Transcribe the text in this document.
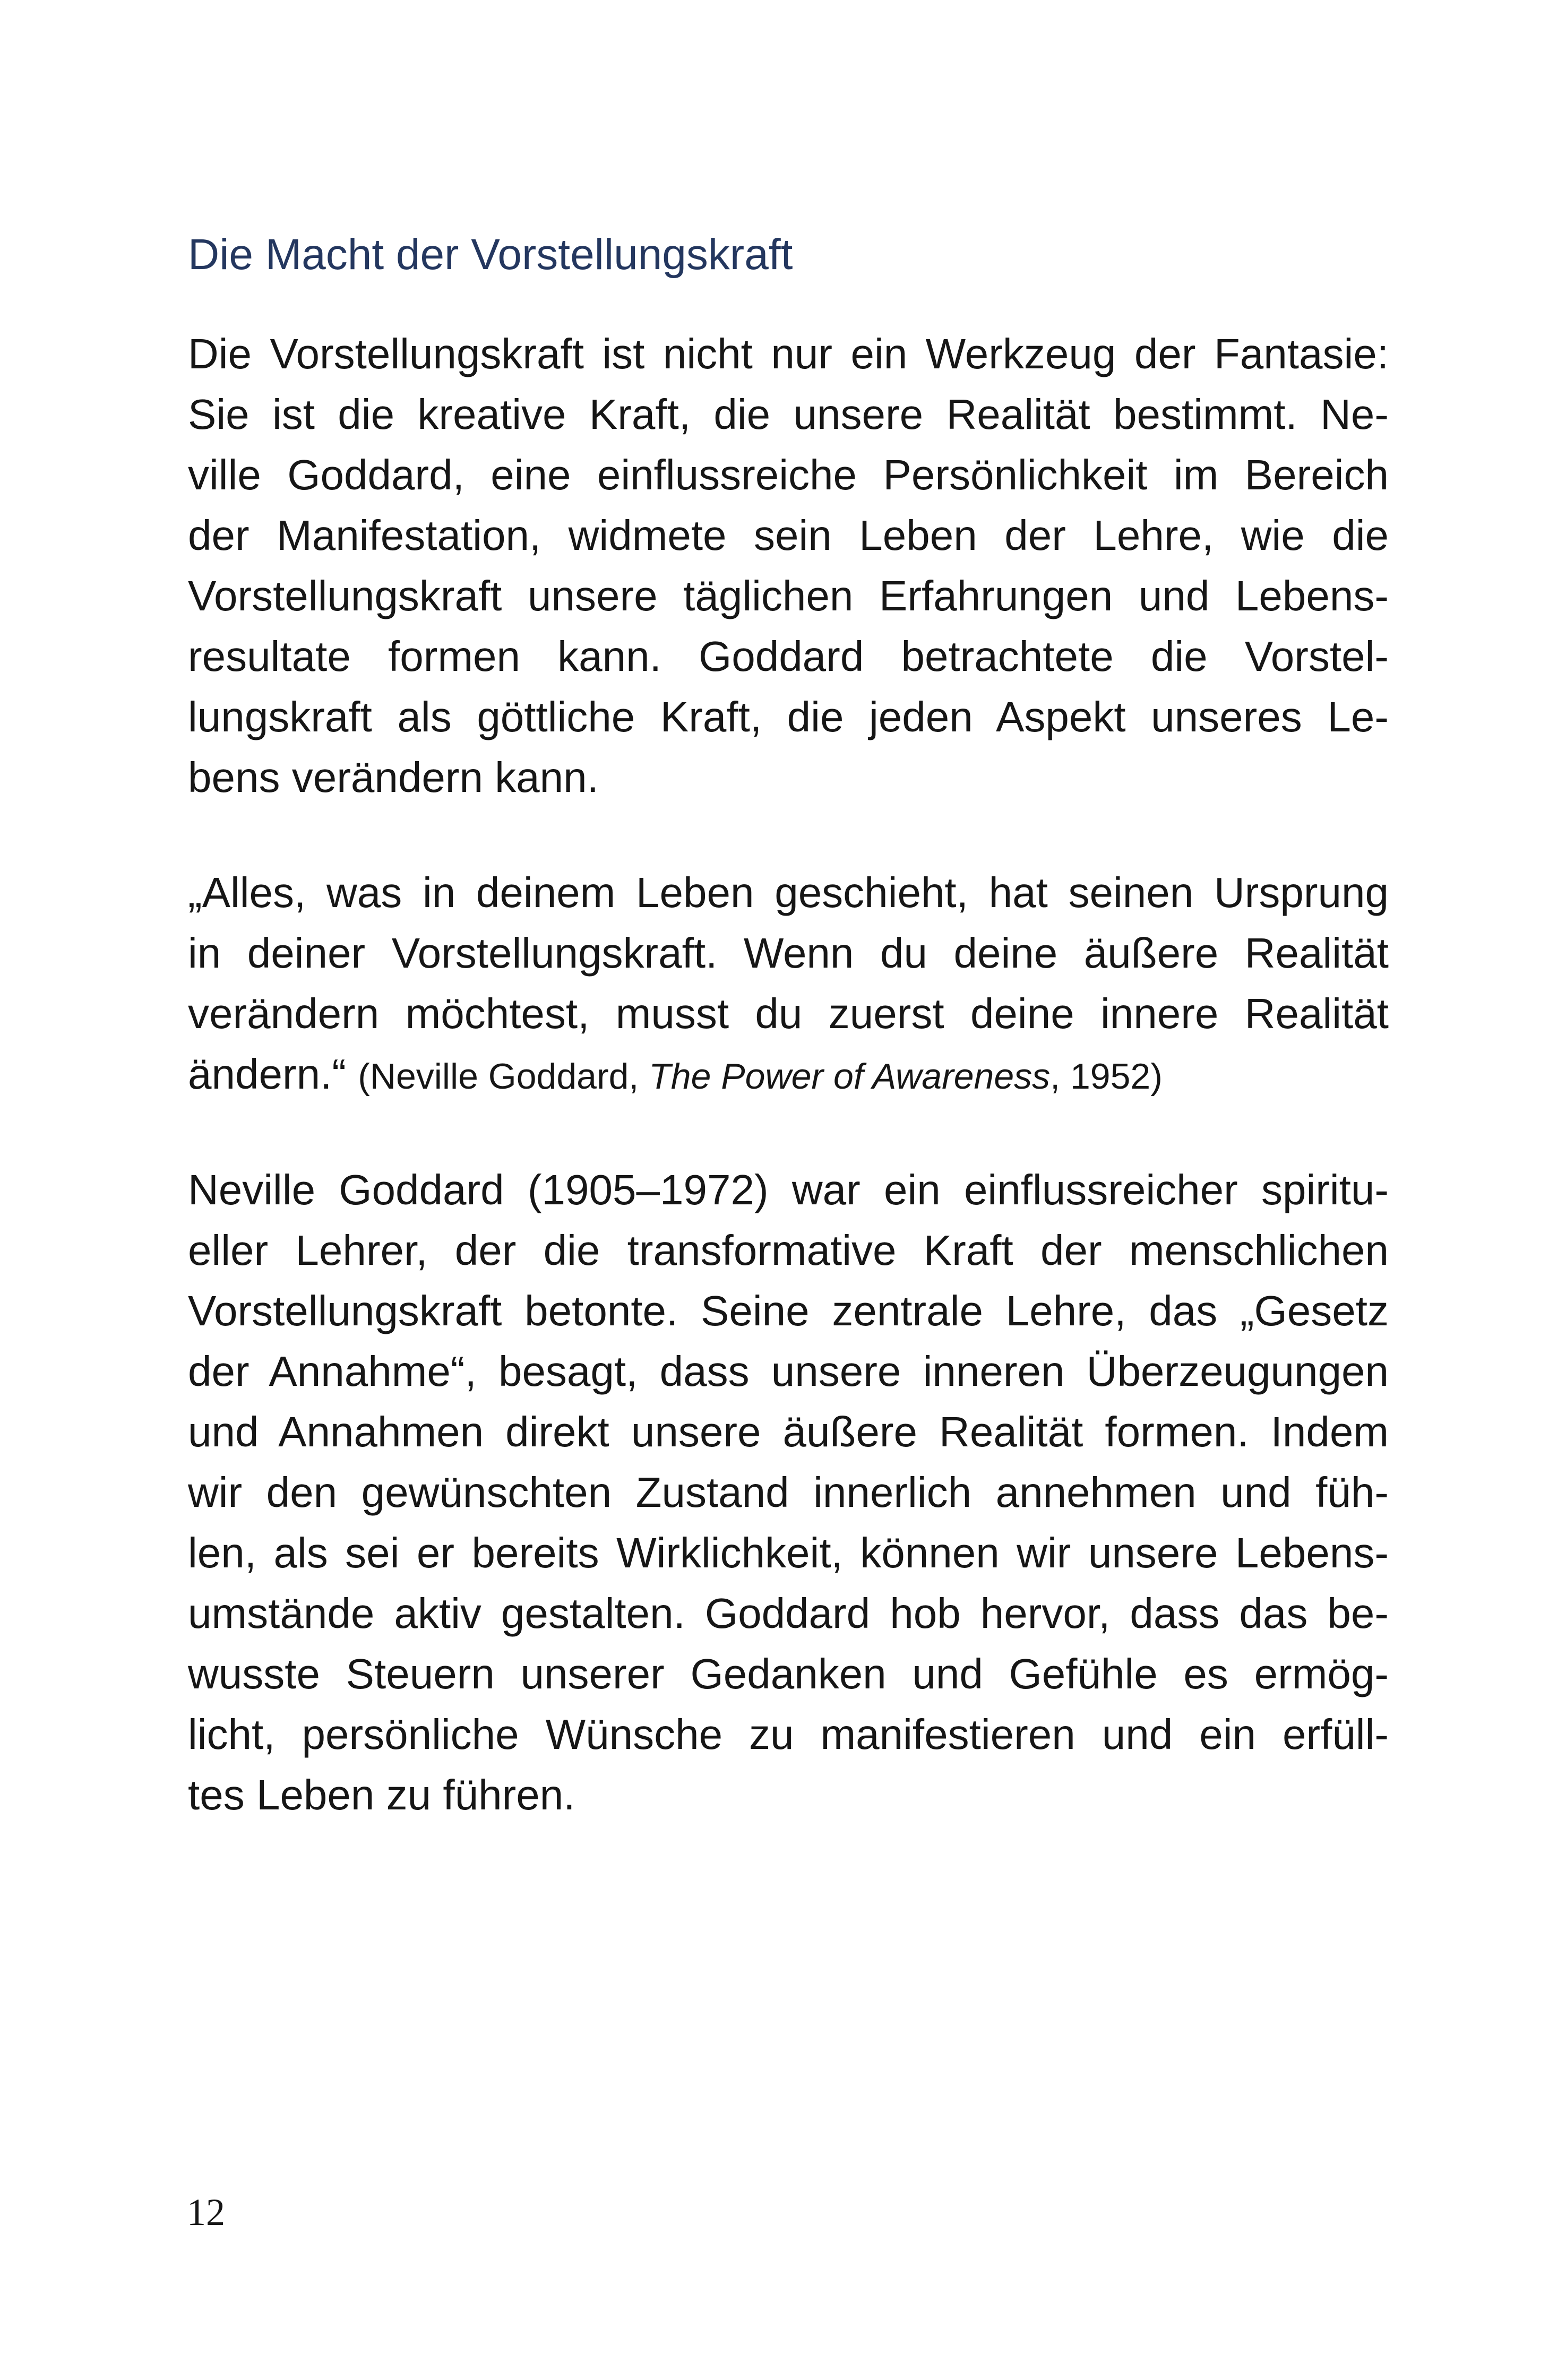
Die Macht der Vorstellungskraft
Die Vorstellungskraft ist nicht nur ein Werkzeug der Fantasie:
Sie ist die kreative Kraft, die unsere Realität bestimmt. Ne-
ville Goddard, eine einflussreiche Persönlichkeit im Bereich
der Manifestation, widmete sein Leben der Lehre, wie die
Vorstellungskraft unsere täglichen Erfahrungen und Lebens-
resultate formen kann. Goddard betrachtete die Vorstel-
lungskraft als göttliche Kraft, die jeden Aspekt unseres Le-
bens verändern kann.
„Alles, was in deinem Leben geschieht, hat seinen Ursprung
in deiner Vorstellungskraft. Wenn du deine äußere Realität
verändern möchtest, musst du zuerst deine innere Realität
ändern.“ (Neville Goddard, The Power of Awareness, 1952)
Neville Goddard (1905–1972) war ein einflussreicher spiritu-
eller Lehrer, der die transformative Kraft der menschlichen
Vorstellungskraft betonte. Seine zentrale Lehre, das „Gesetz
der Annahme“, besagt, dass unsere inneren Überzeugungen
und Annahmen direkt unsere äußere Realität formen. Indem
wir den gewünschten Zustand innerlich annehmen und füh-
len, als sei er bereits Wirklichkeit, können wir unsere Lebens-
umstände aktiv gestalten. Goddard hob hervor, dass das be-
wusste Steuern unserer Gedanken und Gefühle es ermög-
licht, persönliche Wünsche zu manifestieren und ein erfüll-
tes Leben zu führen.
12
